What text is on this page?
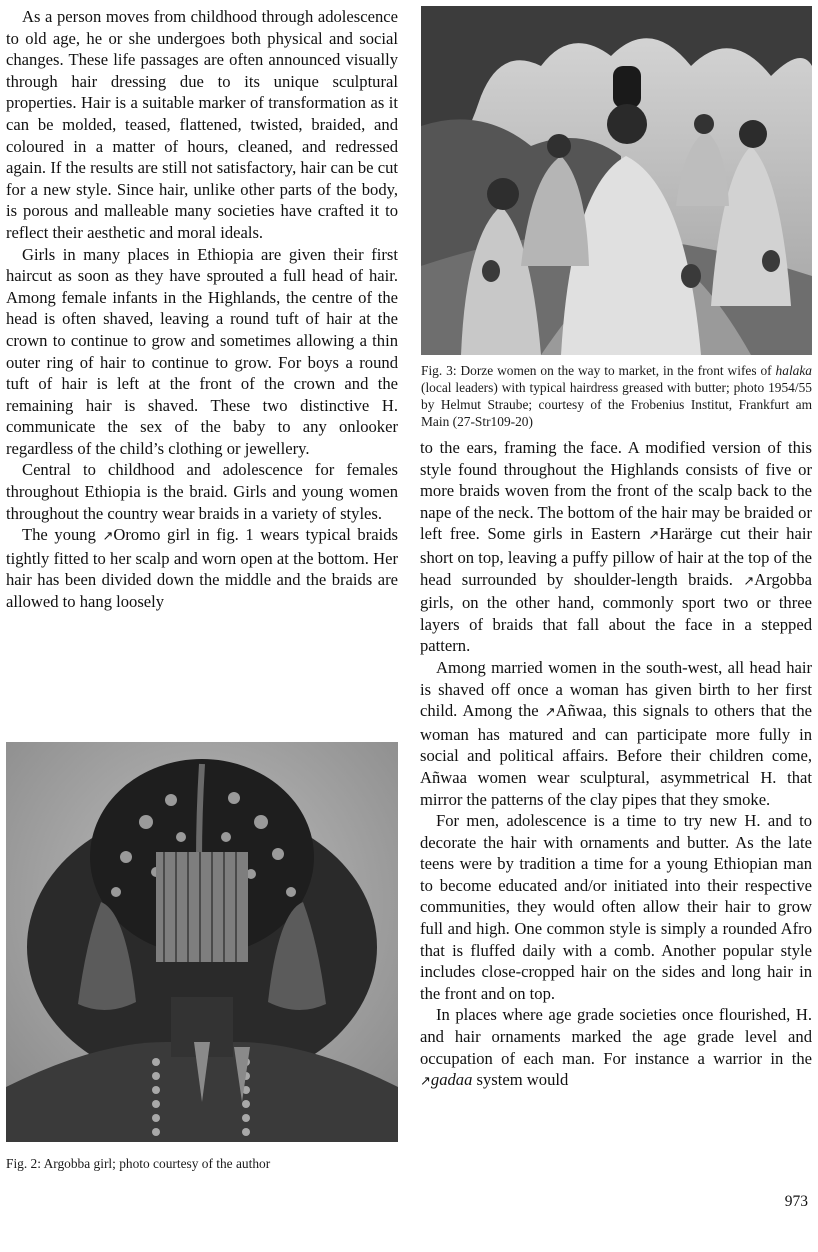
As a person moves from childhood through adolescence to old age, he or she undergoes both physical and social changes. These life passages are often announced visually through hair dressing due to its unique sculptural properties. Hair is a suitable marker of transformation as it can be molded, teased, flattened, twisted, braided, and coloured in a matter of hours, cleaned, and redressed again. If the results are still not satisfactory, hair can be cut for a new style. Since hair, unlike other parts of the body, is porous and malleable many societies have crafted it to reflect their aesthetic and moral ideals.

Girls in many places in Ethiopia are given their first haircut as soon as they have sprouted a full head of hair. Among female infants in the Highlands, the centre of the head is often shaved, leaving a round tuft of hair at the crown to continue to grow and sometimes allowing a thin outer ring of hair to continue to grow. For boys a round tuft of hair is left at the front of the crown and the remaining hair is shaved. These two distinctive H. communicate the sex of the baby to any onlooker regardless of the child’s clothing or jewellery.

Central to childhood and adolescence for females throughout Ethiopia is the braid. Girls and young women throughout the country wear braids in a variety of styles.

The young ↗Oromo girl in fig. 1 wears typical braids tightly fitted to her scalp and worn open at the bottom. Her hair has been divided down the middle and the braids are allowed to hang loosely

Fig. 2: Argobba girl; photo courtesy of the author
Fig. 3: Dorze women on the way to market, in the front wifes of halaka (local leaders) with typical hairdress greased with butter; photo 1954/55 by Helmut Straube; courtesy of the Frobenius Institut, Frankfurt am Main (27-Str109-20)

to the ears, framing the face. A modified version of this style found throughout the Highlands consists of five or more braids woven from the front of the scalp back to the nape of the neck. The bottom of the hair may be braided or left free. Some girls in Eastern ↗Harärge cut their hair short on top, leaving a puffy pillow of hair at the top of the head surrounded by shoulder-length braids. ↗Argobba girls, on the other hand, commonly sport two or three layers of braids that fall about the face in a stepped pattern.

Among married women in the south-west, all head hair is shaved off once a woman has given birth to her first child. Among the ↗Añwaa, this signals to others that the woman has matured and can participate more fully in social and political affairs. Before their children come, Añwaa women wear sculptural, asymmetrical H. that mirror the patterns of the clay pipes that they smoke.

For men, adolescence is a time to try new H. and to decorate the hair with ornaments and butter. As the late teens were by tradition a time for a young Ethiopian man to become educated and/or initiated into their respective communities, they would often allow their hair to grow full and high. One common style is simply a rounded Afro that is fluffed daily with a comb. Another popular style includes close-cropped hair on the sides and long hair in the front and on top.

In places where age grade societies once flourished, H. and hair ornaments marked the age grade level and occupation of each man. For instance a warrior in the ↗gadaa system would

973
